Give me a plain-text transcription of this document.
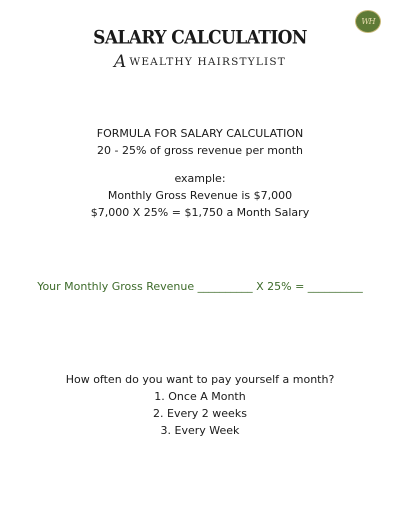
WH
SALARY CALCULATION
AWEALTHY HAIRSTYLIST
FORMULA FOR SALARY CALCULATION
20 - 25% of gross revenue per month
example:
Monthly Gross Revenue is $7,000
$7,000 X 25% = $1,750 a Month Salary
Your Monthly Gross Revenue __________ X 25% = __________
How often do you want to pay yourself a month?
1. Once A Month
2. Every 2 weeks
3. Every Week
